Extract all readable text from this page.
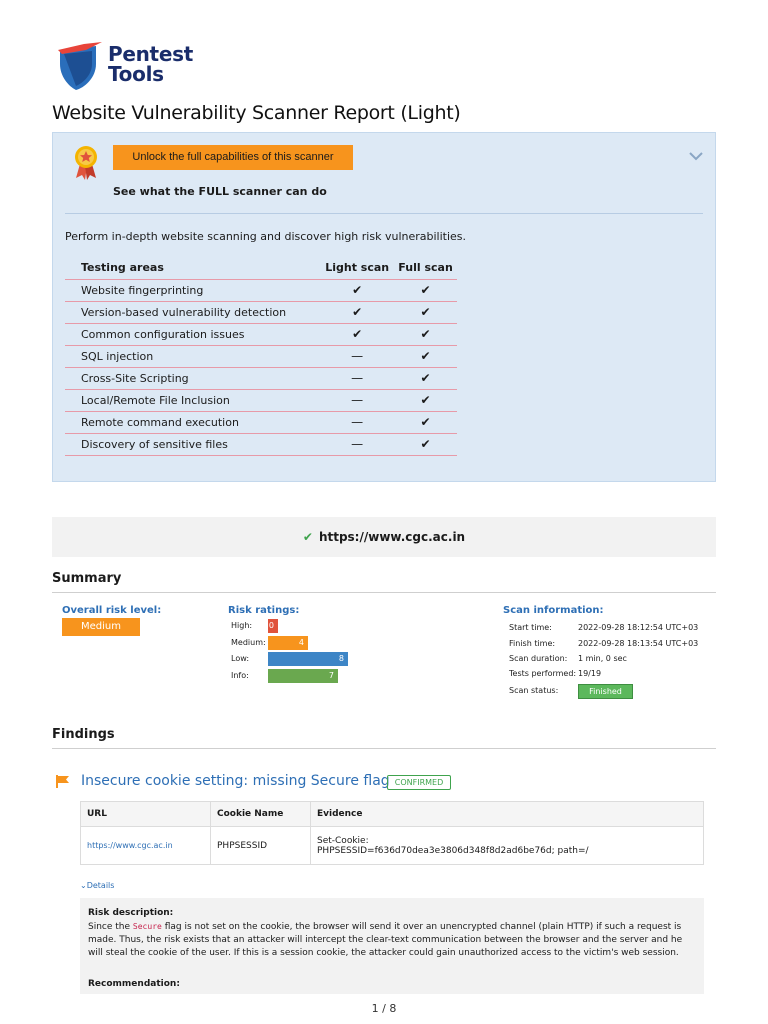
Pentest
Tools
Website Vulnerability Scanner Report (Light)
Unlock the full capabilities of this scanner
See what the FULL scanner can do
Perform in-depth website scanning and discover high risk vulnerabilities.
Testing areas	Light scan	Full scan
Website fingerprinting	✔	✔
Version-based vulnerability detection	✔	✔
Common configuration issues	✔	✔
SQL injection	—	✔
Cross-Site Scripting	—	✔
Local/Remote File Inclusion	—	✔
Remote command execution	—	✔
Discovery of sensitive files	—	✔
✔ https://www.cgc.ac.in
Summary
Overall risk level:
Medium
Risk ratings:
High:
Medium:
Low:
Info:
0
4
8
7
Scan information:
Start time:	2022-09-28 18:12:54 UTC+03
Finish time:	2022-09-28 18:13:54 UTC+03
Scan duration: 1 min, 0 sec
Tests performed: 19/19
Scan status:	Finished
Findings
Insecure cookie setting: missing Secure flag CONFIRMED
URL	Cookie Name	Evidence
https://www.cgc.ac.in	PHPSESSID	Set-Cookie:
PHPSESSID=f636d70dea3e3806d348f8d2ad6be76d; path=/
⌄Details
Risk description:
Since the Secure flag is not set on the cookie, the browser will send it over an unencrypted channel (plain HTTP) if such a request is made. Thus, the risk exists that an attacker will intercept the clear-text communication between the browser and the server and he will steal the cookie of the user. If this is a session cookie, the attacker could gain unauthorized access to the victim's web session.
Recommendation:
1 / 8
